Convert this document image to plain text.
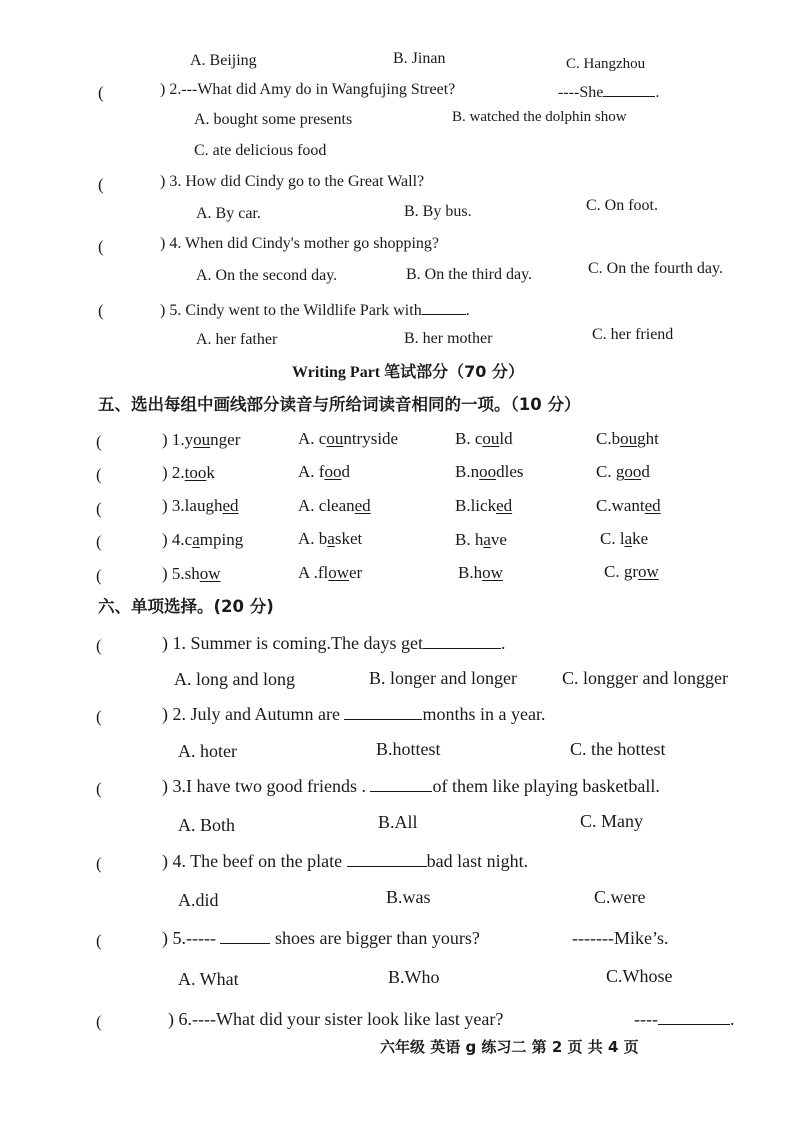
A. Beijing	B. Jinan	C. Hangzhou
(	) 2.---What did Amy do in Wangfujing Street?	----She	.
A. bought some presents	B. watched the dolphin show
C. ate delicious food
(	) 3. How did Cindy go to the Great Wall?
A. By car.	B. By bus.	C. On foot.
(	) 4. When did Cindy's mother go shopping?
A. On the second day.	B. On the third day.	C. On the fourth day.
(	) 5. Cindy went to the Wildlife Park with	.
A. her father	B. her mother	C. her friend
Writing Part 笔试部分（70 分）
五、选出每组中画线部分读音与所给词读音相同的一项。（10 分）
(	) 1.younger	A. countryside	B. could	C.bought
(	) 2.took	A. food	B.noodles	C. good
(	) 3.laughed	A. cleaned	B.licked	C.wanted
(	) 4.camping	A. basket	B. have	C. lake
(	) 5.show	A .flower	B.how	C. grow
六、单项选择。(20 分)
(	) 1. Summer is coming.The days get	.
A. long and long	B. longer and longer	C. longger and longger
(	) 2. July and Autumn are	months in a year.
A. hoter	B.hottest	C. the hottest
(	) 3.I have two good friends .	of them like playing basketball.
A. Both	B.All	C. Many
(	) 4. The beef on the plate	bad last night.
A.did	B.was	C.were
(	) 5.-----	shoes are bigger than yours?	-------Mike’s.
A. What	B.Who	C.Whose
(	) 6.----What did your sister look like last year?	----	.
六年级 英语 g 练习二 第 2 页 共 4 页
